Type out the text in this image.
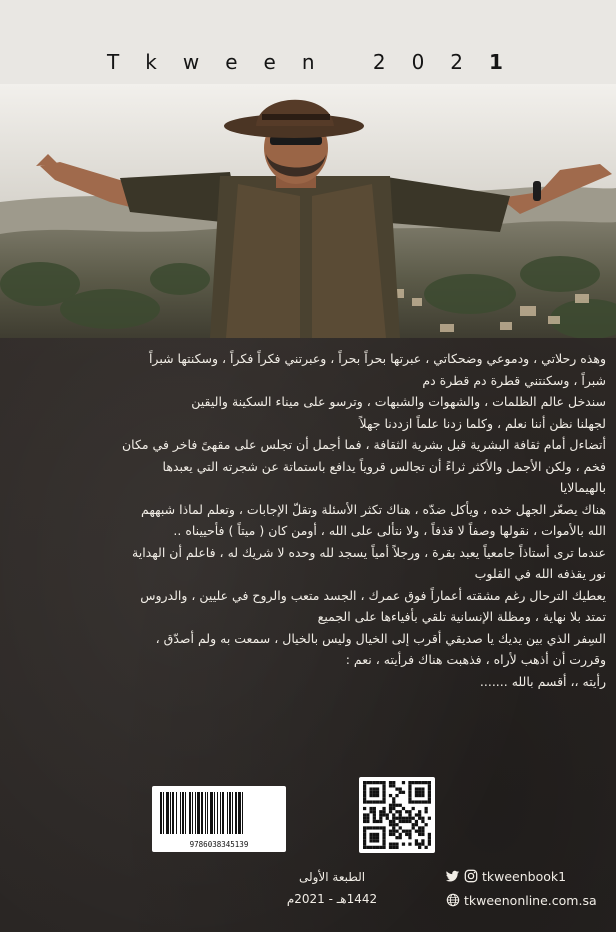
Tkween 2021

وهذه رحلاتي ، ودموعي وضحكاتي ، عبرتها بحراً بحراً ، وعبرتني فكراً فكراً ، وسكنتها شبراً

شبراً ، وسكنتني قطرة دم قطرة دم

سندخل عالم الظلمات ، والشهوات والشبهات ، وترسو على ميناء السكينة واليقين

لجهلنا نظن أننا نعلم ، وكلما زدنا علماً ازددنا جهلاً

أتضاءل أمام ثقافة البشرية قبل بشرية الثقافة ، فما أجمل أن تجلس على مقهىً فاخر في مكان

فخم ، ولكن الأجمل والأكثر ثراءً أن تجالس قروياً يدافع باستماتة عن شجرته التي يعبدها

بالهيمالايا

هناك يصعّر الجهل خده ، ويأكل ضدّه ، هناك تكثر الأسئلة وتقلّ الإجابات ، وتعلم لماذا شبههم

الله بالأموات ، نقولها وصفاً لا قذفاً ، ولا نتألى على الله ، أومن كان ( ميتاً ) فأحييناه ..

عندما ترى أستاذاً جامعياً يعبد بقرة ، ورجلاً أمياً يسجد لله وحده لا شريك له ، فاعلم أن الهداية

نور يقذفه الله في القلوب

يعطيك الترحال رغم مشقته أعماراً فوق عمرك ، الجسد متعب والروح في عليين ، والدروس

تمتد بلا نهاية ، ومظلة الإنسانية تلقي بأفياءها على الجميع

السِفر الذي بين يديك يا صديقي أقرب إلى الخيال وليس بالخيال ، سمعت به ولم أصدّق ،

وقررت أن أذهب لأراه ، فذهبت هناك فرأيته ، نعم :

رأيته ،، أقسم بالله .......

9786038345139
الطبعة الأولى
1442هـ - 2021م
tkweenbook1
tkweenonline.com.sa
